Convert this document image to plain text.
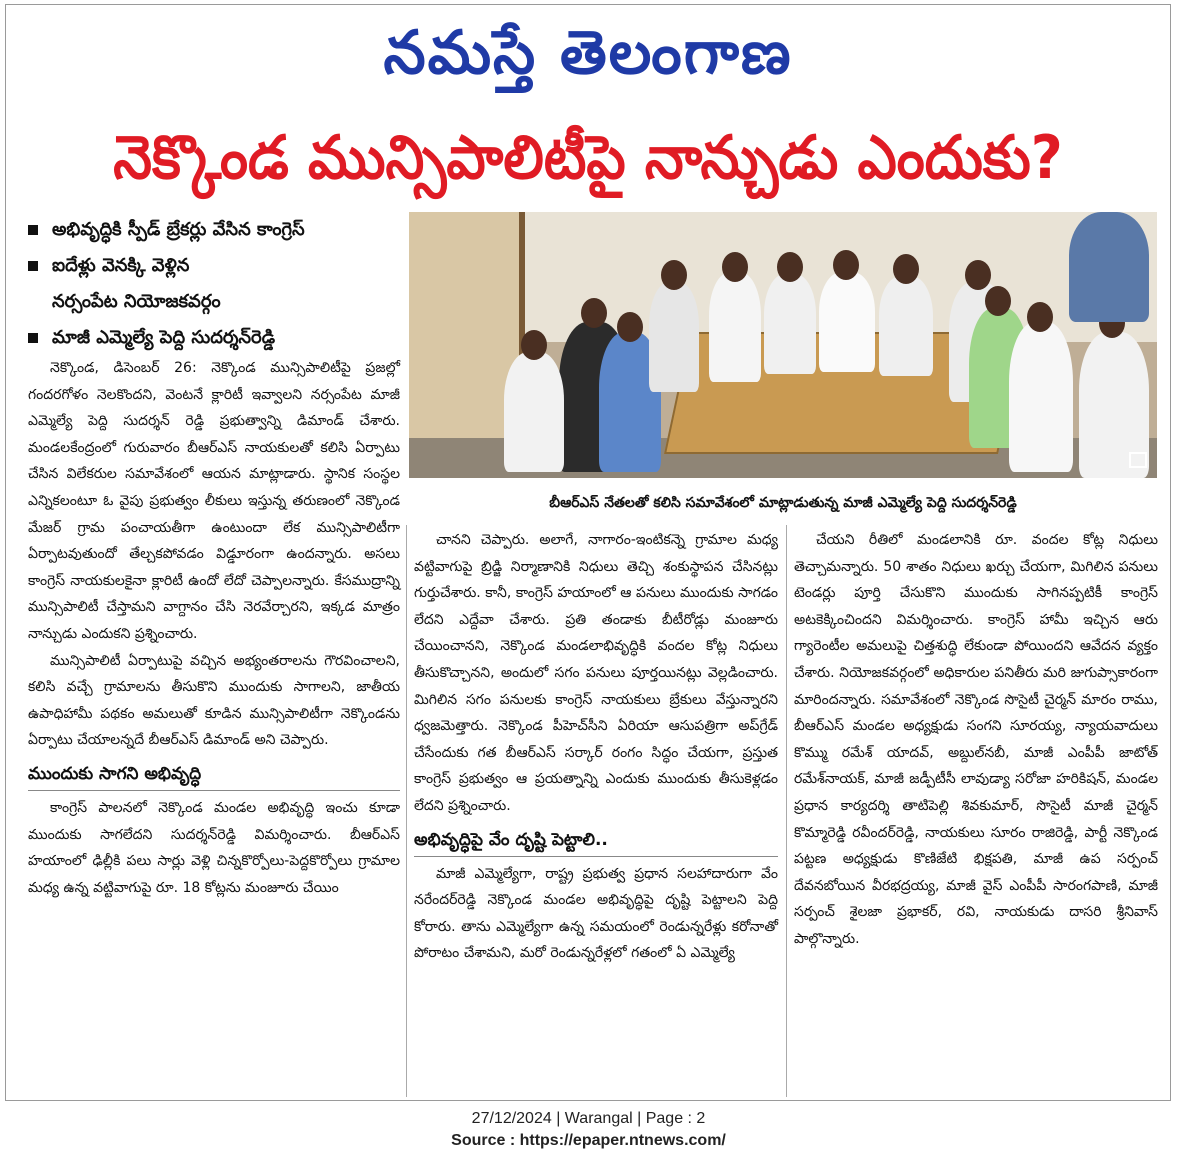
నమస్తే తెలంగాణ
నెక్కొండ మున్సిపాలిటీపై నాన్చుడు ఎందుకు?
అభివృద్ధికి స్పీడ్ బ్రేకర్లు వేసిన కాంగ్రెస్
ఐదేళ్లు వెనక్కి వెళ్లిన
నర్సంపేట నియోజకవర్గం
మాజీ ఎమ్మెల్యే పెద్ది సుదర్శన్‌రెడ్డి
బీఆర్‌ఎస్ నేతలతో కలిసి సమావేశంలో మాట్లాడుతున్న మాజీ ఎమ్మెల్యే పెద్ది సుదర్శన్‌రెడ్డి

నెక్కొండ, డిసెంబర్ 26: నెక్కొండ మున్సిపాలిటీపై ప్రజల్లో గందరగోళం నెలకొందని, వెంటనే క్లారిటీ ఇవ్వాలని నర్సంపేట మాజీ ఎమ్మెల్యే పెద్ది సుదర్శన్ రెడ్డి ప్రభుత్వాన్ని డిమాండ్ చేశారు. మండలకేంద్రంలో గురువారం బీఆర్‌ఎస్ నాయకులతో కలిసి ఏర్పాటు చేసిన విలేకరుల సమావేశంలో ఆయన మాట్లాడారు. స్థానిక సంస్థల ఎన్నికలంటూ ఓ వైపు ప్రభుత్వం లీకులు ఇస్తున్న తరుణంలో నెక్కొండ మేజర్ గ్రామ పంచాయతీగా ఉంటుందా లేక మున్సిపాలిటీగా ఏర్పాటవుతుందో తేల్చకపోవడం విడ్డూరంగా ఉందన్నారు. అసలు కాంగ్రెస్ నాయకులకైనా క్లారిటీ ఉందో లేదో చెప్పాలన్నారు. కేసముద్రాన్ని మున్సిపాలిటీ చేస్తామని వాగ్దానం చేసి నెరవేర్చారని, ఇక్కడ మాత్రం నాన్చుడు ఎందుకని ప్రశ్నించారు.

మున్సిపాలిటీ ఏర్పాటుపై వచ్చిన అభ్యంతరాలను గౌరవించాలని, కలిసి వచ్చే గ్రామాలను తీసుకొని ముందుకు సాగాలని, జాతీయ ఉపాధిహామీ పథకం అమలుతో కూడిన మున్సిపాలిటీగా నెక్కొండను ఏర్పాటు చేయాలన్నదే బీఆర్‌ఎస్ డిమాండ్ అని చెప్పారు.

ముందుకు సాగని అభివృద్ధి

కాంగ్రెస్ పాలనలో నెక్కొండ మండల అభివృద్ధి ఇంచు కూడా ముందుకు సాగలేదని సుదర్శన్‌రెడ్డి విమర్శించారు. బీఆర్‌ఎస్ హయాంలో ఢిల్లీకి పలు సార్లు వెళ్లి చిన్నకొర్పోలు-పెద్దకొర్పోలు గ్రామాల మధ్య ఉన్న వట్టివాగుపై రూ. 18 కోట్లను మంజూరు చేయిం

చానని చెప్పారు. అలాగే, నాగారం-ఇంటికన్నె గ్రామాల మధ్య వట్టివాగుపై బ్రిడ్జి నిర్మాణానికి నిధులు తెచ్చి శంకుస్థాపన చేసినట్లు గుర్తుచేశారు. కానీ, కాంగ్రెస్ హయాంలో ఆ పనులు ముందుకు సాగడం లేదని ఎద్దేవా చేశారు. ప్రతి తండాకు బీటీరోడ్లు మంజూరు చేయించానని, నెక్కొండ మండలాభివృద్ధికి వందల కోట్ల నిధులు తీసుకొచ్చానని, అందులో సగం పనులు పూర్తయినట్లు వెల్లడించారు. మిగిలిన సగం పనులకు కాంగ్రెస్ నాయకులు బ్రేకులు వేస్తున్నారని ధ్వజమెత్తారు. నెక్కొండ పీహెచ్‌సీని ఏరియా ఆసుపత్రిగా అప్‌గ్రేడ్ చేసేందుకు గత బీఆర్‌ఎస్ సర్కార్ రంగం సిద్ధం చేయగా, ప్రస్తుత కాంగ్రెస్ ప్రభుత్వం ఆ ప్రయత్నాన్ని ఎందుకు ముందుకు తీసుకెళ్లడం లేదని ప్రశ్నించారు.

అభివృద్ధిపై వేం దృష్టి పెట్టాలి..

మాజీ ఎమ్మెల్యేగా, రాష్ట్ర ప్రభుత్వ ప్రధాన సలహాదారుగా వేం నరేందర్‌రెడ్డి నెక్కొండ మండల అభివృద్ధిపై దృష్టి పెట్టాలని పెద్ది కోరారు. తాను ఎమ్మెల్యేగా ఉన్న సమయంలో రెండున్నరేళ్లు కరోనాతో పోరాటం చేశామని, మరో రెండున్నరేళ్లలో గతంలో ఏ ఎమ్మెల్యే

చేయని రీతిలో మండలానికి రూ. వందల కోట్ల నిధులు తెచ్చామన్నారు. 50 శాతం నిధులు ఖర్చు చేయగా, మిగిలిన పనులు టెండర్లు పూర్తి చేసుకొని ముందుకు సాగినప్పటికీ కాంగ్రెస్ అటకెక్కించిందని విమర్శించారు. కాంగ్రెస్ హామీ ఇచ్చిన ఆరు గ్యారెంటీల అమలుపై చిత్తశుద్ధి లేకుండా పోయిందని ఆవేదన వ్యక్తం చేశారు. నియోజకవర్గంలో అధికారుల పనితీరు మరి జుగుప్సాకారంగా మారిందన్నారు. సమావేశంలో నెక్కొండ సొసైటీ చైర్మన్ మారం రాము, బీఆర్‌ఎస్ మండల అధ్యక్షుడు సంగని సూరయ్య, న్యాయవాదులు కొమ్ము రమేశ్ యాదవ్, అబ్దుల్‌నబీ, మాజీ ఎంపీపీ జాటోత్ రమేశ్‌నాయక్, మాజీ జడ్పీటీసీ లావుడ్యా సరోజా హరికిషన్, మండల ప్రధాన కార్యదర్శి తాటిపెల్లి శివకుమార్, సొసైటీ మాజీ చైర్మన్ కొమ్మారెడ్డి రవీందర్‌రెడ్డి, నాయకులు సూరం రాజిరెడ్డి, పార్టీ నెక్కొండ పట్టణ అధ్యక్షుడు కొణిజేటి భిక్షపతి, మాజీ ఉప సర్పంచ్ దేవనబోయిన వీరభద్రయ్య, మాజీ వైస్ ఎంపీపీ సారంగపాణి, మాజీ సర్పంచ్ శైలజా ప్రభాకర్, రవి, నాయకుడు దాసరి శ్రీనివాస్ పాల్గొన్నారు.

27/12/2024 | Warangal | Page : 2
Source : https://epaper.ntnews.com/
